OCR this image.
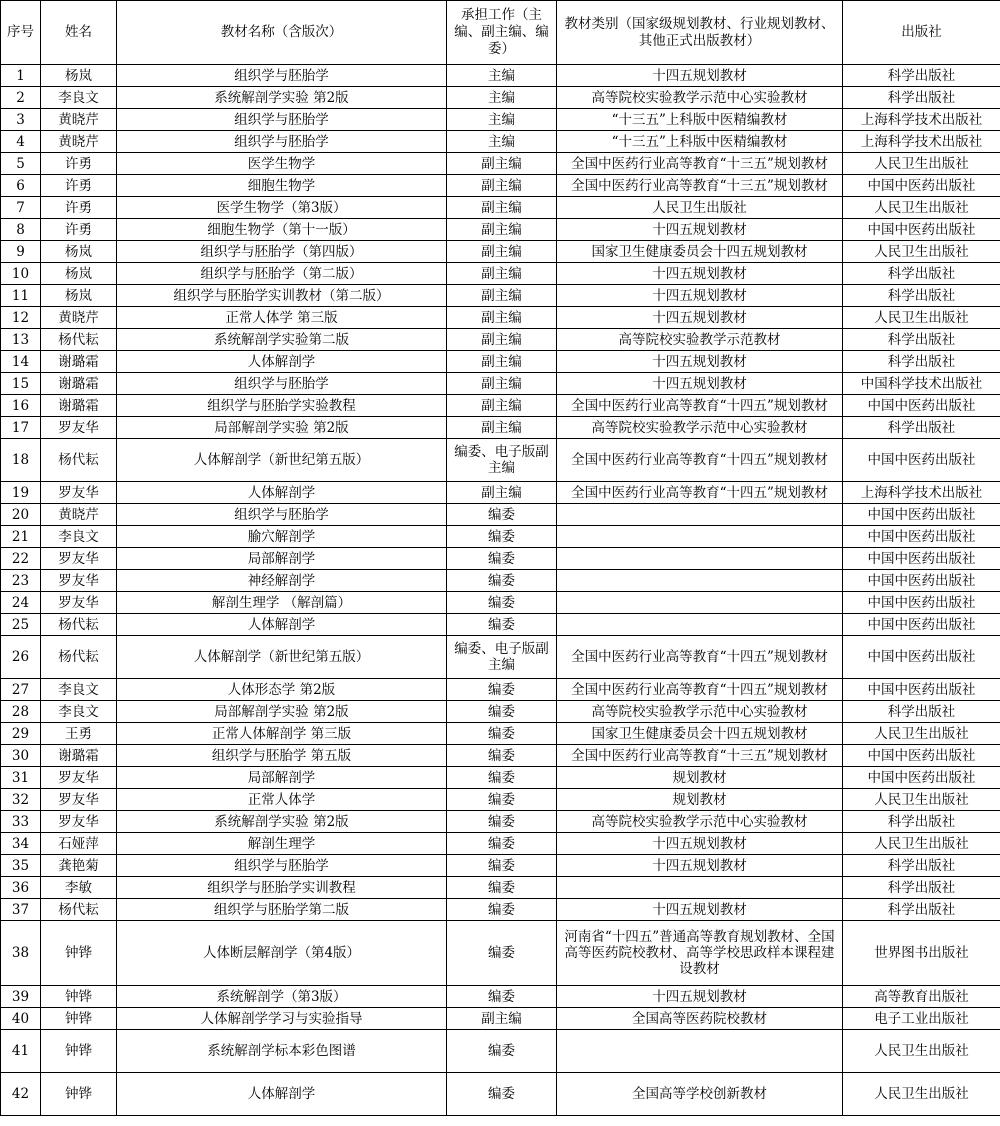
序号	姓名	教材名称（含版次）	承担工作（主编、副主编、编委）	教材类别（国家级规划教材、行业规划教材、其他正式出版教材）	出版社
1	杨岚	组织学与胚胎学	主编	十四五规划教材	科学出版社
2	李良文	系统解剖学实验 第2版	主编	高等院校实验教学示范中心实验教材	科学出版社
3	黄晓芹	组织学与胚胎学	主编	“十三五”上科版中医精编教材	上海科学技术出版社
4	黄晓芹	组织学与胚胎学	主编	“十三五”上科版中医精编教材	上海科学技术出版社
5	许勇	医学生物学	副主编	全国中医药行业高等教育“十三五”规划教材	人民卫生出版社
6	许勇	细胞生物学	副主编	全国中医药行业高等教育“十三五”规划教材	中国中医药出版社
7	许勇	医学生物学（第3版）	副主编	人民卫生出版社	人民卫生出版社
8	许勇	细胞生物学（第十一版）	副主编	十四五规划教材	中国中医药出版社
9	杨岚	组织学与胚胎学（第四版）	副主编	国家卫生健康委员会十四五规划教材	人民卫生出版社
10	杨岚	组织学与胚胎学（第二版）	副主编	十四五规划教材	科学出版社
11	杨岚	组织学与胚胎学实训教材（第二版）	副主编	十四五规划教材	科学出版社
12	黄晓芹	正常人体学 第三版	副主编	十四五规划教材	人民卫生出版社
13	杨代耘	系统解剖学实验第二版	副主编	高等院校实验教学示范教材	科学出版社
14	谢璐霜	人体解剖学	副主编	十四五规划教材	科学出版社
15	谢璐霜	组织学与胚胎学	副主编	十四五规划教材	中国科学技术出版社
16	谢璐霜	组织学与胚胎学实验教程	副主编	全国中医药行业高等教育“十四五”规划教材	中国中医药出版社
17	罗友华	局部解剖学实验 第2版	副主编	高等院校实验教学示范中心实验教材	科学出版社
18	杨代耘	人体解剖学（新世纪第五版）	编委、电子版副主编	全国中医药行业高等教育“十四五”规划教材	中国中医药出版社
19	罗友华	人体解剖学	副主编	全国中医药行业高等教育“十四五”规划教材	上海科学技术出版社
20	黄晓芹	组织学与胚胎学	编委		中国中医药出版社
21	李良文	腧穴解剖学	编委		中国中医药出版社
22	罗友华	局部解剖学	编委		中国中医药出版社
23	罗友华	神经解剖学	编委		中国中医药出版社
24	罗友华	解剖生理学 （解剖篇）	编委		中国中医药出版社
25	杨代耘	人体解剖学	编委		中国中医药出版社
26	杨代耘	人体解剖学（新世纪第五版）	编委、电子版副主编	全国中医药行业高等教育“十四五”规划教材	中国中医药出版社
27	李良文	人体形态学 第2版	编委	全国中医药行业高等教育“十四五”规划教材	中国中医药出版社
28	李良文	局部解剖学实验 第2版	编委	高等院校实验教学示范中心实验教材	科学出版社
29	王勇	正常人体解剖学 第三版	编委	国家卫生健康委员会十四五规划教材	人民卫生出版社
30	谢璐霜	组织学与胚胎学 第五版	编委	全国中医药行业高等教育“十三五”规划教材	中国中医药出版社
31	罗友华	局部解剖学	编委	规划教材	中国中医药出版社
32	罗友华	正常人体学	编委	规划教材	人民卫生出版社
33	罗友华	系统解剖学实验 第2版	编委	高等院校实验教学示范中心实验教材	科学出版社
34	石娅萍	解剖生理学	编委	十四五规划教材	人民卫生出版社
35	龚艳菊	组织学与胚胎学	编委	十四五规划教材	科学出版社
36	李敏	组织学与胚胎学实训教程	编委		科学出版社
37	杨代耘	组织学与胚胎学第二版	编委	十四五规划教材	科学出版社
38	钟铧	人体断层解剖学（第4版）	编委	河南省“十四五”普通高等教育规划教材、全国高等医药院校教材、高等学校思政样本课程建设教材	世界图书出版社
39	钟铧	系统解剖学（第3版）	编委	十四五规划教材	高等教育出版社
40	钟铧	人体解剖学学习与实验指导	副主编	全国高等医药院校教材	电子工业出版社
41	钟铧	系统解剖学标本彩色图谱	编委		人民卫生出版社
42	钟铧	人体解剖学	编委	全国高等学校创新教材	人民卫生出版社
